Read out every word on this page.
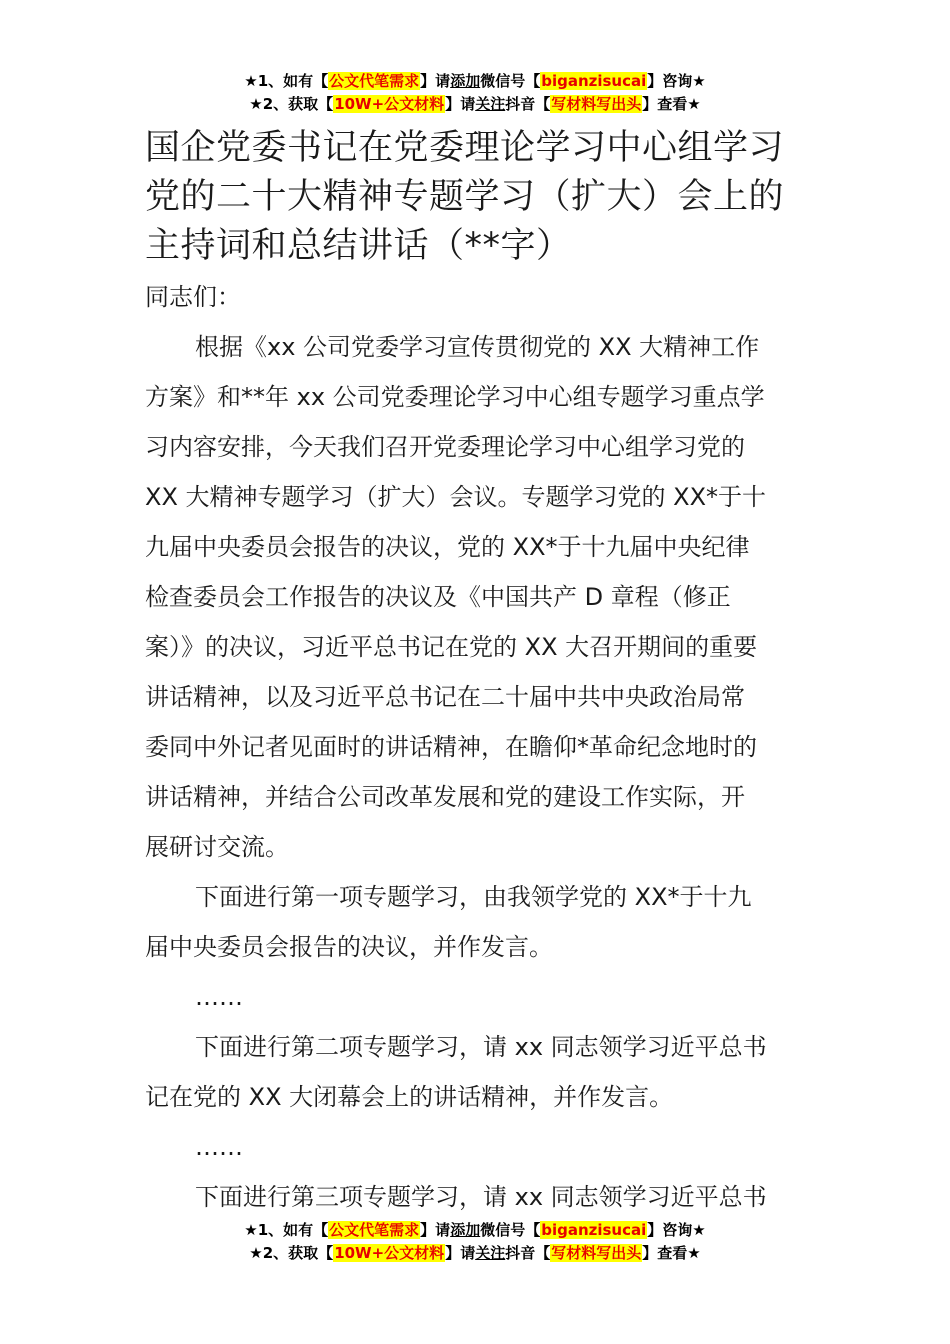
★1、如有【公文代笔需求】请添加微信号【biganzisucai】咨询★
★2、获取【10W+公文材料】请关注抖音【写材料写出头】查看★
国企党委书记在党委理论学习中心组学习
党的二十大精神专题学习（扩大）会上的
主持词和总结讲话（**字）
同志们：
根据《xx 公司党委学习宣传贯彻党的 XX 大精神工作
方案》和**年 xx 公司党委理论学习中心组专题学习重点学
习内容安排，今天我们召开党委理论学习中心组学习党的
XX 大精神专题学习（扩大）会议。专题学习党的 XX*于十
九届中央委员会报告的决议，党的 XX*于十九届中央纪律
检查委员会工作报告的决议及《中国共产 D 章程（修正
案）》的决议，习近平总书记在党的 XX 大召开期间的重要
讲话精神，以及习近平总书记在二十届中共中央政治局常
委同中外记者见面时的讲话精神，在瞻仰*革命纪念地时的
讲话精神，并结合公司改革发展和党的建设工作实际，开
展研讨交流。
下面进行第一项专题学习，由我领学党的 XX*于十九
届中央委员会报告的决议，并作发言。
……
下面进行第二项专题学习，请 xx 同志领学习近平总书
记在党的 XX 大闭幕会上的讲话精神，并作发言。
……
下面进行第三项专题学习，请 xx 同志领学习近平总书
★1、如有【公文代笔需求】请添加微信号【biganzisucai】咨询★
★2、获取【10W+公文材料】请关注抖音【写材料写出头】查看★
